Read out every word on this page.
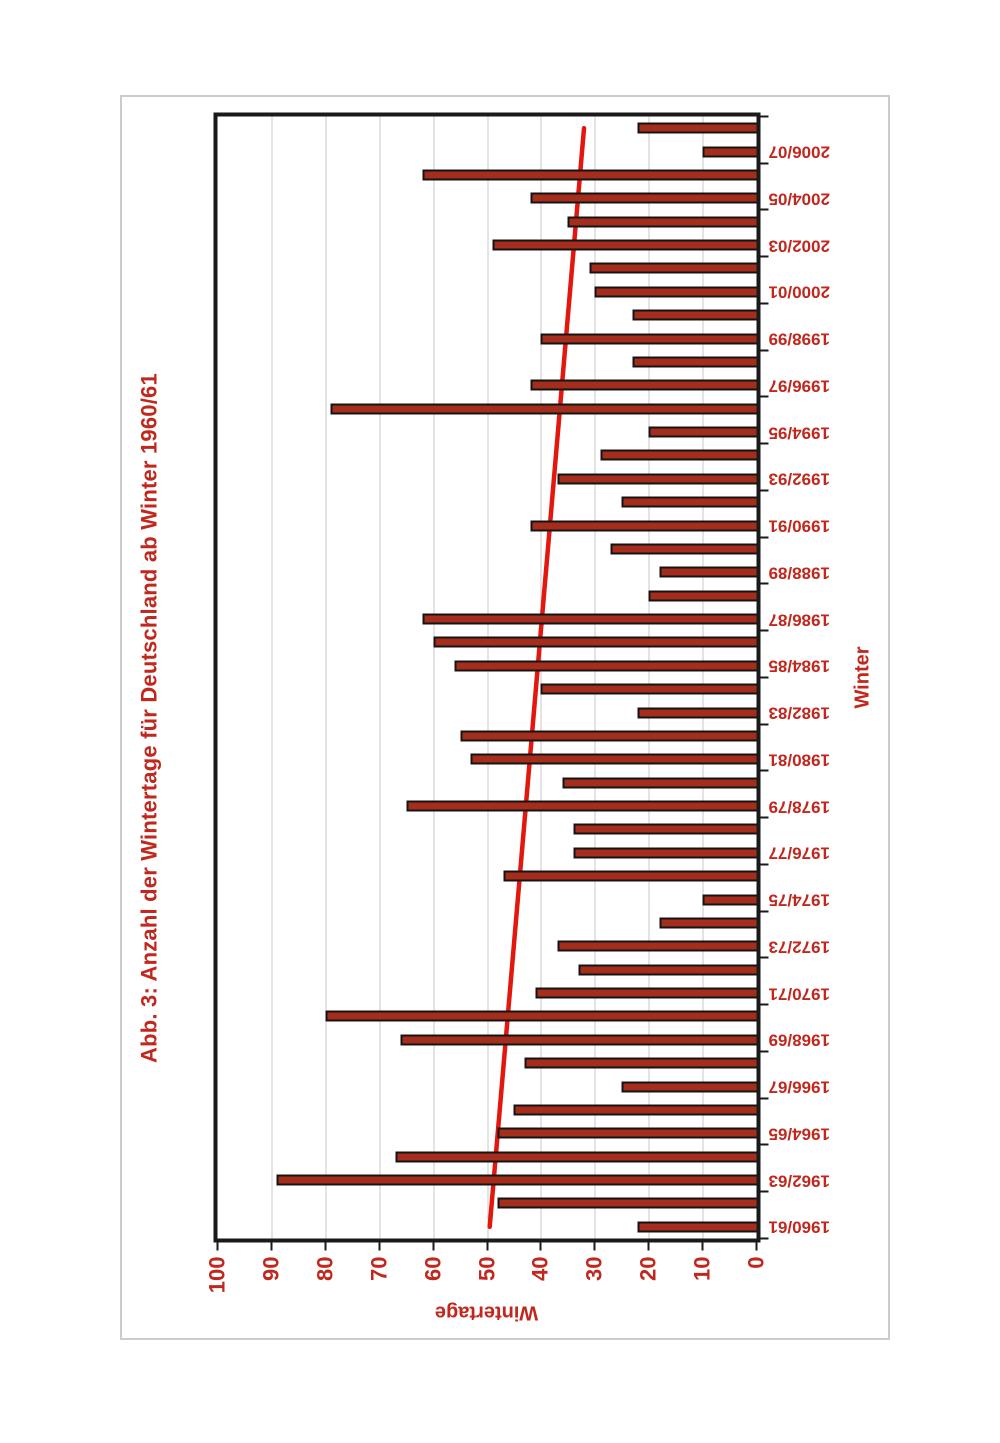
Abb. 3: Anzahl der Wintertage für Deutschland ab Winter 1960/61	Winter
Wintertage
0
10
20
30
40
50
60
70
80
90
100
1960/61
1962/63
1964/65
1966/67
1968/69
1970/71
1972/73
1974/75
1976/77
1978/79
1980/81
1982/83
1984/85
1986/87
1988/89
1990/91
1992/93
1994/95
1996/97
1998/99
2000/01
2002/03
2004/05
2006/07
